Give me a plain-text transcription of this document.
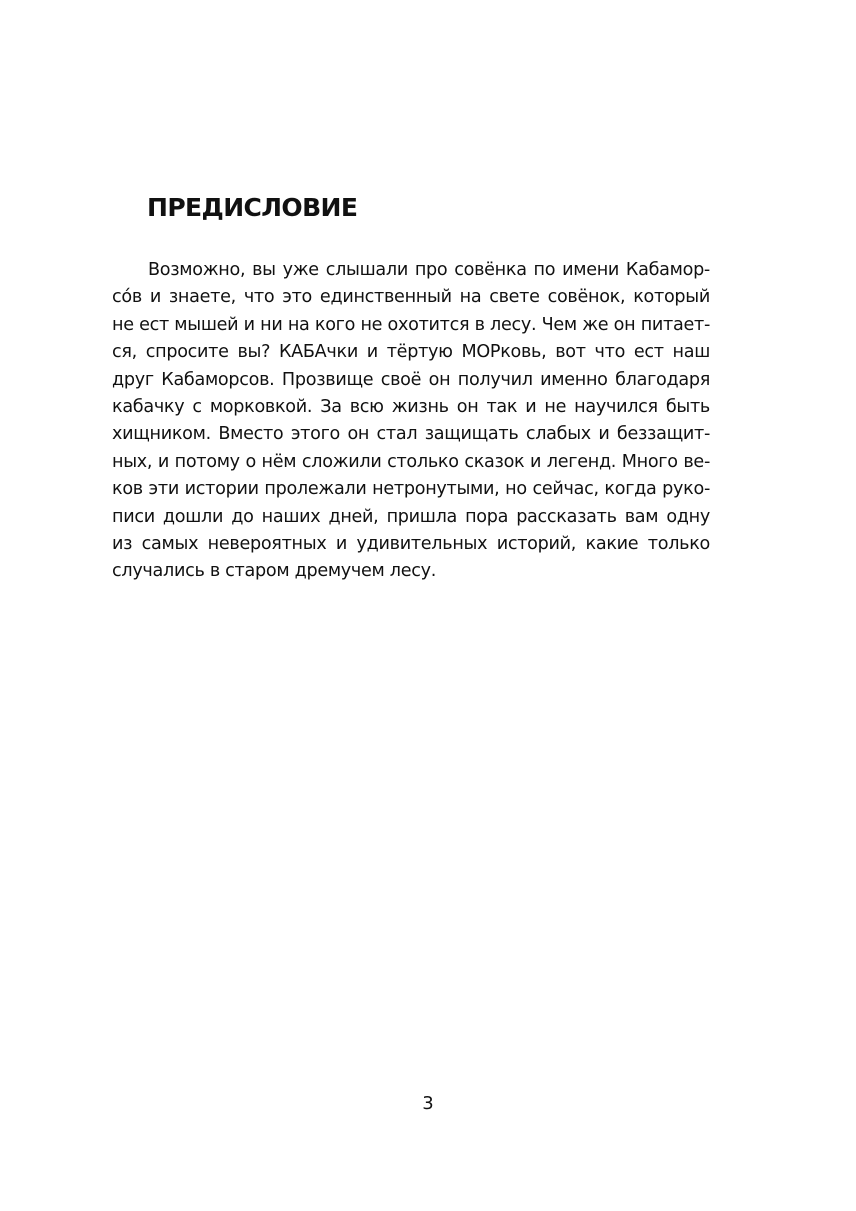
ПРЕДИСЛОВИЕ
Возможно, вы уже слышали про совёнка по имени Кабамор-
со́в и знаете, что это единственный на свете совёнок, который
не ест мышей и ни на кого не охотится в лесу. Чем же он питает-
ся, спросите вы? КАБАчки и тёртую МОРковь, вот что ест наш
друг Кабаморсов. Прозвище своё он получил именно благодаря
кабачку с морковкой. За всю жизнь он так и не научился быть
хищником. Вместо этого он стал защищать слабых и беззащит-
ных, и потому о нём сложили столько сказок и легенд. Много ве-
ков эти истории пролежали нетронутыми, но сейчас, когда руко-
писи дошли до наших дней, пришла пора рассказать вам одну
из самых невероятных и удивительных историй, какие только
случались в старом дремучем лесу.
3
